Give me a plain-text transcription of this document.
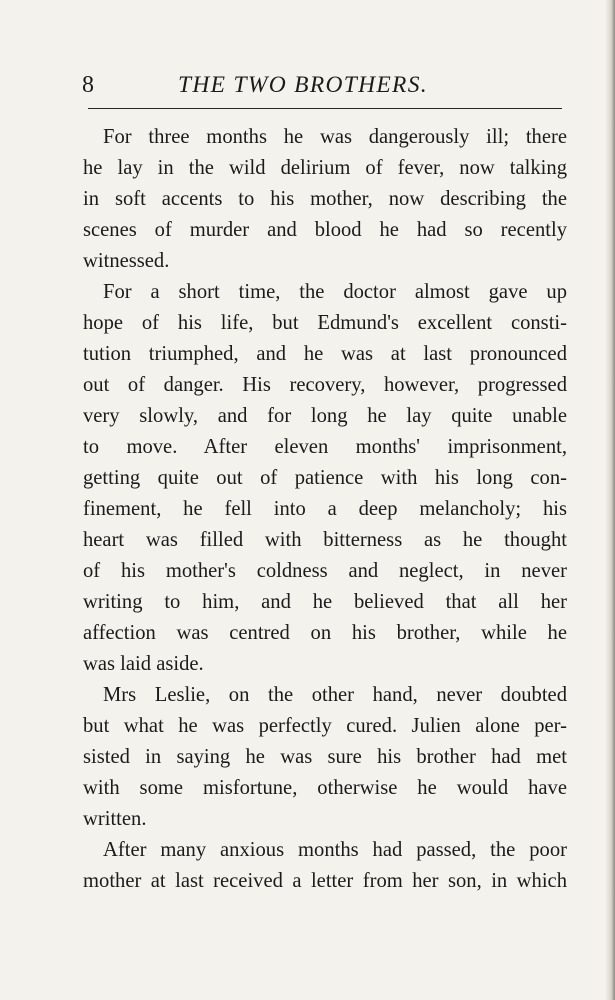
8	THE TWO BROTHERS.
For three months he was dangerously ill; there
he lay in the wild delirium of fever, now talking
in soft accents to his mother, now describing the
scenes of murder and blood he had so recently
witnessed.
For a short time, the doctor almost gave up
hope of his life, but Edmund's excellent consti-
tution triumphed, and he was at last pronounced
out of danger. His recovery, however, progressed
very slowly, and for long he lay quite unable
to move. After eleven months' imprisonment,
getting quite out of patience with his long con-
finement, he fell into a deep melancholy; his
heart was filled with bitterness as he thought
of his mother's coldness and neglect, in never
writing to him, and he believed that all her
affection was centred on his brother, while he
was laid aside.
Mrs Leslie, on the other hand, never doubted
but what he was perfectly cured. Julien alone per-
sisted in saying he was sure his brother had met
with some misfortune, otherwise he would have
written.
After many anxious months had passed, the poor
mother at last received a letter from her son, in which
